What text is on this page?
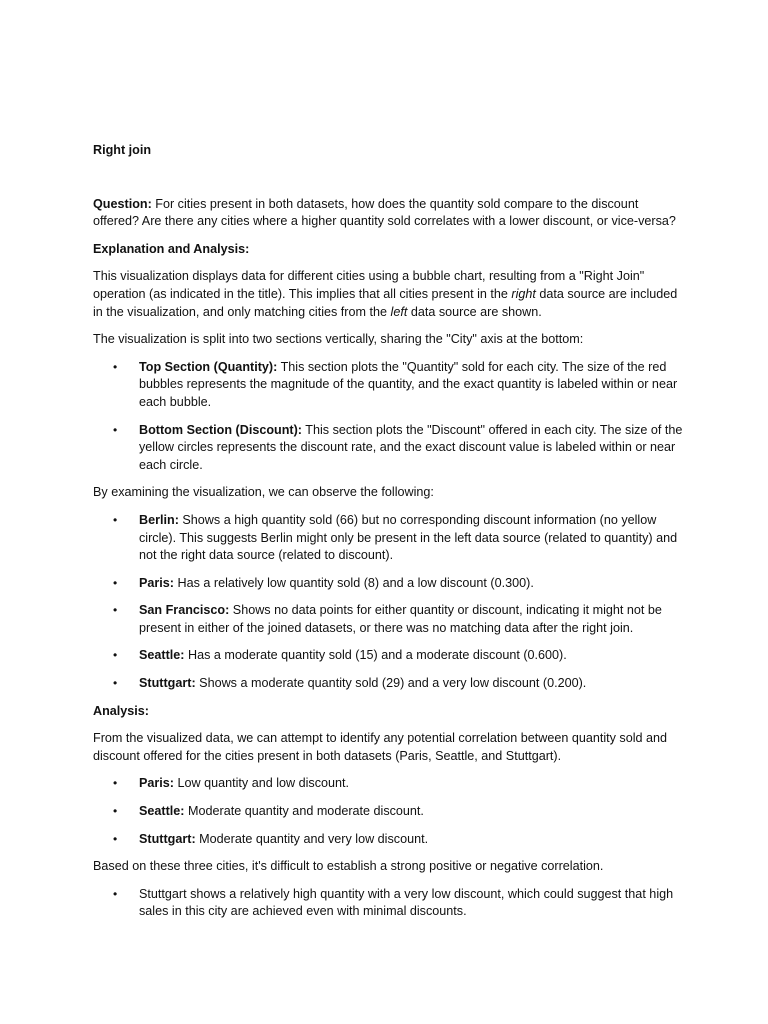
Right join

Question: For cities present in both datasets, how does the quantity sold compare to the discount offered? Are there any cities where a higher quantity sold correlates with a lower discount, or vice-versa?

Explanation and Analysis:

This visualization displays data for different cities using a bubble chart, resulting from a "Right Join" operation (as indicated in the title). This implies that all cities present in the right data source are included in the visualization, and only matching cities from the left data source are shown.

The visualization is split into two sections vertically, sharing the "City" axis at the bottom:

• Top Section (Quantity): This section plots the "Quantity" sold for each city. The size of the red bubbles represents the magnitude of the quantity, and the exact quantity is labeled within or near each bubble.
• Bottom Section (Discount): This section plots the "Discount" offered in each city. The size of the yellow circles represents the discount rate, and the exact discount value is labeled within or near each circle.

By examining the visualization, we can observe the following:

• Berlin: Shows a high quantity sold (66) but no corresponding discount information (no yellow circle). This suggests Berlin might only be present in the left data source (related to quantity) and not the right data source (related to discount).
• Paris: Has a relatively low quantity sold (8) and a low discount (0.300).
• San Francisco: Shows no data points for either quantity or discount, indicating it might not be present in either of the joined datasets, or there was no matching data after the right join.
• Seattle: Has a moderate quantity sold (15) and a moderate discount (0.600).
• Stuttgart: Shows a moderate quantity sold (29) and a very low discount (0.200).

Analysis:

From the visualized data, we can attempt to identify any potential correlation between quantity sold and discount offered for the cities present in both datasets (Paris, Seattle, and Stuttgart).

• Paris: Low quantity and low discount.
• Seattle: Moderate quantity and moderate discount.
• Stuttgart: Moderate quantity and very low discount.

Based on these three cities, it's difficult to establish a strong positive or negative correlation.

• Stuttgart shows a relatively high quantity with a very low discount, which could suggest that high sales in this city are achieved even with minimal discounts.
